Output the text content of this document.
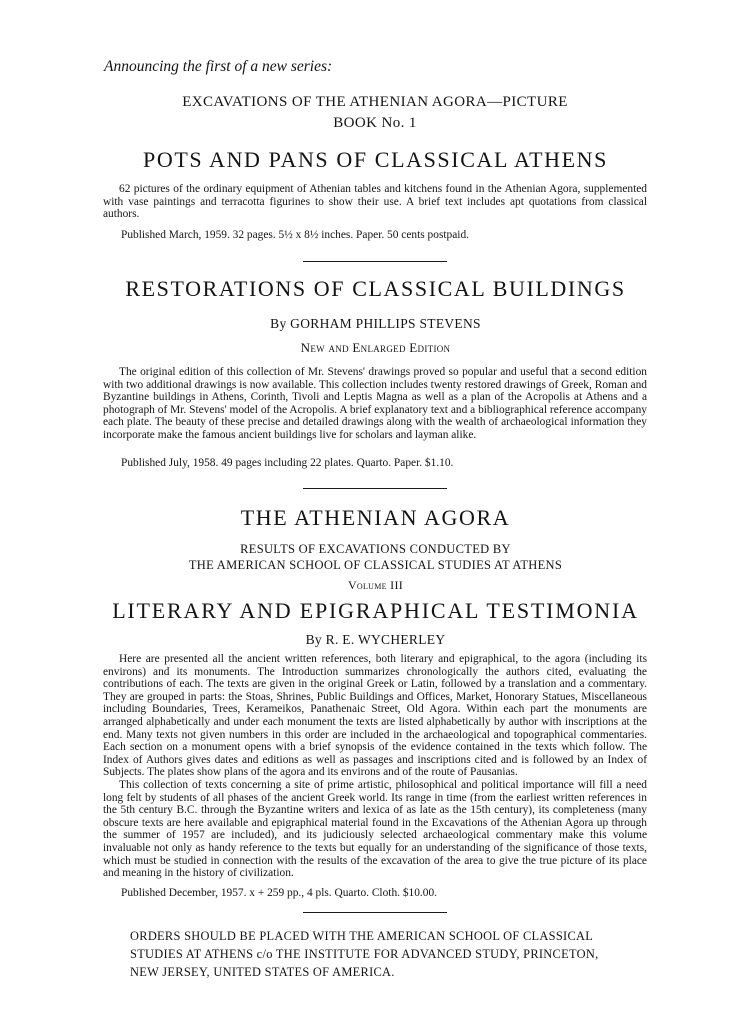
Announcing the first of a new series:
EXCAVATIONS OF THE ATHENIAN AGORA—PICTURE
BOOK No. 1
POTS AND PANS OF CLASSICAL ATHENS

62 pictures of the ordinary equipment of Athenian tables and kitchens found in the Athenian Agora, supplemented with vase paintings and terracotta figurines to show their use. A brief text includes apt quotations from classical authors.

Published March, 1959. 32 pages. 5½ x 8½ inches. Paper. 50 cents postpaid.
RESTORATIONS OF CLASSICAL BUILDINGS
By GORHAM PHILLIPS STEVENS
New and Enlarged Edition

The original edition of this collection of Mr. Stevens' drawings proved so popular and useful that a second edition with two additional drawings is now available. This collection includes twenty restored drawings of Greek, Roman and Byzantine buildings in Athens, Corinth, Tivoli and Leptis Magna as well as a plan of the Acropolis at Athens and a photograph of Mr. Stevens' model of the Acropolis. A brief explanatory text and a bibliographical reference accompany each plate. The beauty of these precise and detailed drawings along with the wealth of archaeological information they incorporate make the famous ancient buildings live for scholars and layman alike.

Published July, 1958. 49 pages including 22 plates. Quarto. Paper. $1.10.
THE ATHENIAN AGORA
RESULTS OF EXCAVATIONS CONDUCTED BY
THE AMERICAN SCHOOL OF CLASSICAL STUDIES AT ATHENS
Volume III
LITERARY AND EPIGRAPHICAL TESTIMONIA
By R. E. WYCHERLEY

Here are presented all the ancient written references, both literary and epigraphical, to the agora (including its environs) and its monuments. The Introduction summarizes chronologically the authors cited, evaluating the contributions of each. The texts are given in the original Greek or Latin, followed by a translation and a commentary. They are grouped in parts: the Stoas, Shrines, Public Buildings and Offices, Market, Honorary Statues, Miscellaneous including Boundaries, Trees, Kerameikos, Panathenaic Street, Old Agora. Within each part the monuments are arranged alphabetically and under each monument the texts are listed alphabetically by author with inscriptions at the end. Many texts not given numbers in this order are included in the archaeological and topographical commentaries. Each section on a monument opens with a brief synopsis of the evidence contained in the texts which follow. The Index of Authors gives dates and editions as well as passages and inscriptions cited and is followed by an Index of Subjects. The plates show plans of the agora and its environs and of the route of Pausanias.

This collection of texts concerning a site of prime artistic, philosophical and political importance will fill a need long felt by students of all phases of the ancient Greek world. Its range in time (from the earliest written references in the 5th century B.C. through the Byzantine writers and lexica of as late as the 15th century), its completeness (many obscure texts are here available and epigraphical material found in the Excavations of the Athenian Agora up through the summer of 1957 are included), and its judiciously selected archaeological commentary make this volume invaluable not only as handy reference to the texts but equally for an understanding of the significance of those texts, which must be studied in connection with the results of the excavation of the area to give the true picture of its place and meaning in the history of civilization.

Published December, 1957. x + 259 pp., 4 pls. Quarto. Cloth. $10.00.
ORDERS SHOULD BE PLACED WITH THE AMERICAN SCHOOL OF CLASSICAL
STUDIES AT ATHENS c/o THE INSTITUTE FOR ADVANCED STUDY, PRINCETON,
NEW JERSEY, UNITED STATES OF AMERICA.
